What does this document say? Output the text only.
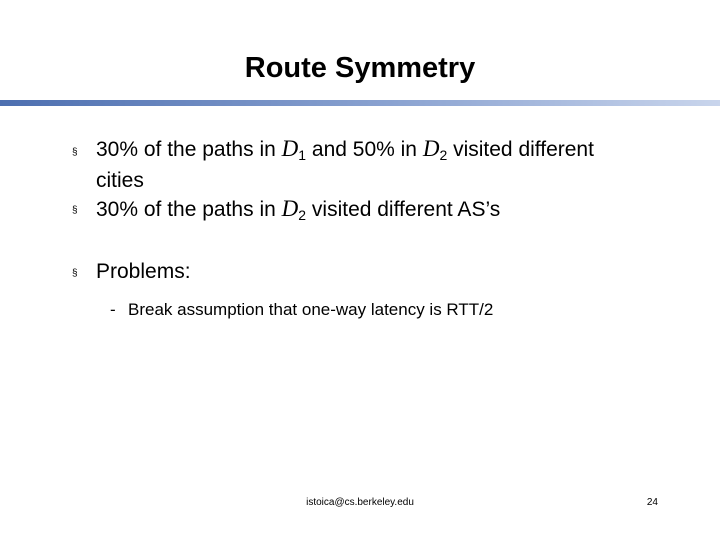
Route Symmetry
§ 30% of the paths in $D_1$ and 50% in $D_2$ visited different
cities
§ 30% of the paths in $D_2$ visited different AS’s
§ Problems:
- Break assumption that one-way latency is RTT/2
istoica@cs.berkeley.edu	24
